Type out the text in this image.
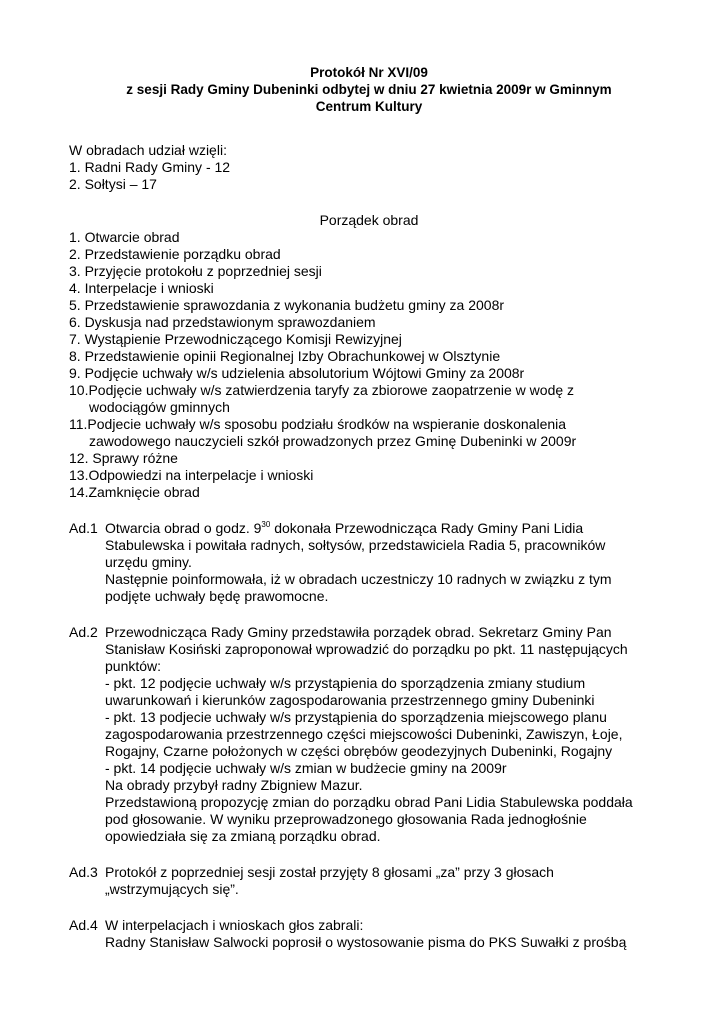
Protokół Nr XVI/09
z sesji Rady Gminy Dubeninki odbytej w dniu 27 kwietnia 2009r w Gminnym
Centrum Kultury
W obradach udział wzięli:
1. Radni Rady Gminy - 12
2. Sołtysi – 17
Porządek obrad
1. Otwarcie obrad
2. Przedstawienie porządku obrad
3. Przyjęcie protokołu z poprzedniej sesji
4. Interpelacje i wnioski
5. Przedstawienie sprawozdania z wykonania budżetu gminy za 2008r
6. Dyskusja nad przedstawionym sprawozdaniem
7. Wystąpienie Przewodniczącego Komisji Rewizyjnej
8. Przedstawienie opinii Regionalnej Izby Obrachunkowej w Olsztynie
9. Podjęcie uchwały w/s udzielenia absolutorium Wójtowi Gminy za 2008r
10.Podjęcie uchwały w/s zatwierdzenia taryfy za zbiorowe zaopatrzenie w wodę z
wodociągów gminnych
11.Podjecie uchwały w/s sposobu podziału środków na wspieranie doskonalenia
zawodowego nauczycieli szkół prowadzonych przez Gminę Dubeninki w 2009r
12. Sprawy różne
13.Odpowiedzi na interpelacje i wnioski
14.Zamknięcie obrad
Ad.1 Otwarcia obrad o godz. $9^{30}$ dokonała Przewodnicząca Rady Gminy Pani Lidia
Stabulewska i powitała radnych, sołtysów, przedstawiciela Radia 5, pracowników
urzędu gminy.
Następnie poinformowała, iż w obradach uczestniczy 10 radnych w związku z tym
podjęte uchwały będę prawomocne.
Ad.2 Przewodnicząca Rady Gminy przedstawiła porządek obrad. Sekretarz Gminy Pan
Stanisław Kosiński zaproponował wprowadzić do porządku po pkt. 11 następujących
punktów:
- pkt. 12 podjęcie uchwały w/s przystąpienia do sporządzenia zmiany studium
uwarunkowań i kierunków zagospodarowania przestrzennego gminy Dubeninki
- pkt. 13 podjecie uchwały w/s przystąpienia do sporządzenia miejscowego planu
zagospodarowania przestrzennego części miejscowości Dubeninki, Zawiszyn, Łoje,
Rogajny, Czarne położonych w części obrębów geodezyjnych Dubeninki, Rogajny
- pkt. 14 podjęcie uchwały w/s zmian w budżecie gminy na 2009r
Na obrady przybył radny Zbigniew Mazur.
Przedstawioną propozycję zmian do porządku obrad Pani Lidia Stabulewska poddała
pod głosowanie. W wyniku przeprowadzonego głosowania Rada jednogłośnie
opowiedziała się za zmianą porządku obrad.
Ad.3 Protokół z poprzedniej sesji został przyjęty 8 głosami „za” przy 3 głosach
„wstrzymujących się”.
Ad.4 W interpelacjach i wnioskach głos zabrali:
Radny Stanisław Salwocki poprosił o wystosowanie pisma do PKS Suwałki z prośbą
